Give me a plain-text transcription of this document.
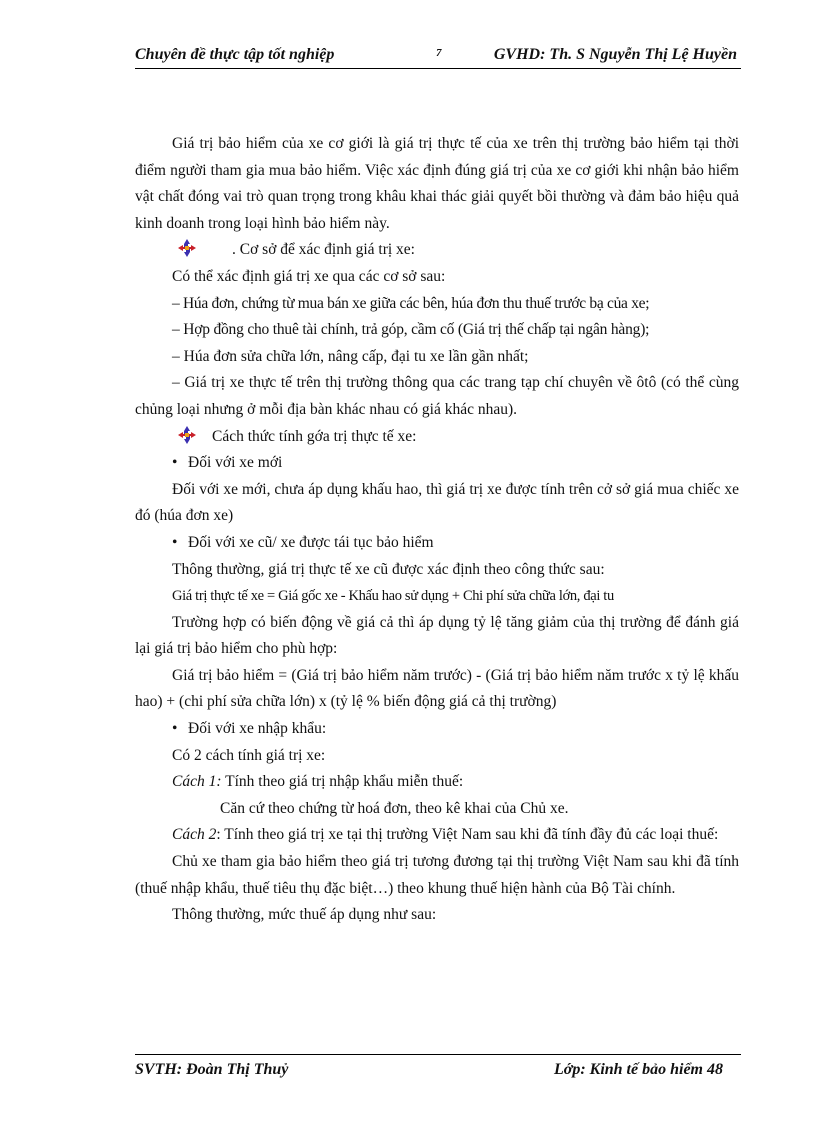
Chuyên đề thực tập tốt nghiệp	7	GVHD: Th. S Nguyễn Thị Lệ Huyền

Giá trị bảo hiểm của xe cơ giới là giá trị thực tế của xe trên thị trường bảo hiểm tại thời điểm người tham gia mua bảo hiểm. Việc xác định đúng giá trị của xe cơ giới khi nhận bảo hiểm vật chất đóng vai trò quan trọng trong khâu khai thác giải quyết bồi thường và đảm bảo hiệu quả kinh doanh trong loại hình bảo hiểm này.

. Cơ sở để xác định giá trị xe:

Có thể xác định giá trị xe qua các cơ sở sau:

– Húa đơn, chứng từ mua bán xe giữa các bên, húa đơn thu thuế trước bạ của xe;

– Hợp đồng cho thuê tài chính, trả góp, cầm cố (Giá trị thế chấp tại ngân hàng);

– Húa đơn sửa chữa lớn, nâng cấp, đại tu xe lần gần nhất;

– Giá trị xe thực tế trên thị trường thông qua các trang tạp chí chuyên về ôtô (có thể cùng chủng loại nhưng ở mỗi địa bàn khác nhau có giá khác nhau).

Cách thức tính gớa trị thực tế xe:

• Đối với xe mới

Đối với xe mới, chưa áp dụng khấu hao, thì giá trị xe được tính trên cở sở giá mua chiếc xe đó (húa đơn xe)

• Đối với xe cũ/ xe được tái tục bảo hiểm

Thông thường, giá trị thực tế xe cũ được xác định theo công thức sau:

Giá trị thực tế xe = Giá gốc xe - Khấu hao sử dụng + Chi phí sửa chữa lớn, đại tu

Trường hợp có biến động về giá cả thì áp dụng tỷ lệ tăng giảm của thị trường để đánh giá lại giá trị bảo hiểm cho phù hợp:

Giá trị bảo hiểm = (Giá trị bảo hiểm năm trước) - (Giá trị bảo hiểm năm trước x tỷ lệ khấu hao) + (chi phí sửa chữa lớn) x (tỷ lệ % biến động giá cả thị trường)

• Đối với xe nhập khẩu:

Có 2 cách tính giá trị xe:

Cách 1: Tính theo giá trị nhập khẩu miễn thuế:

Căn cứ theo chứng từ hoá đơn, theo kê khai của Chủ xe.

Cách 2: Tính theo giá trị xe tại thị trường Việt Nam sau khi đã tính đầy đủ các loại thuế:

Chủ xe tham gia bảo hiểm theo giá trị tương đương tại thị trường Việt Nam sau khi đã tính (thuế nhập khẩu, thuế tiêu thụ đặc biệt…) theo khung thuế hiện hành của Bộ Tài chính.

Thông thường, mức thuế áp dụng như sau:

SVTH: Đoàn Thị Thuỷ	Lớp: Kinh tế bảo hiểm 48
